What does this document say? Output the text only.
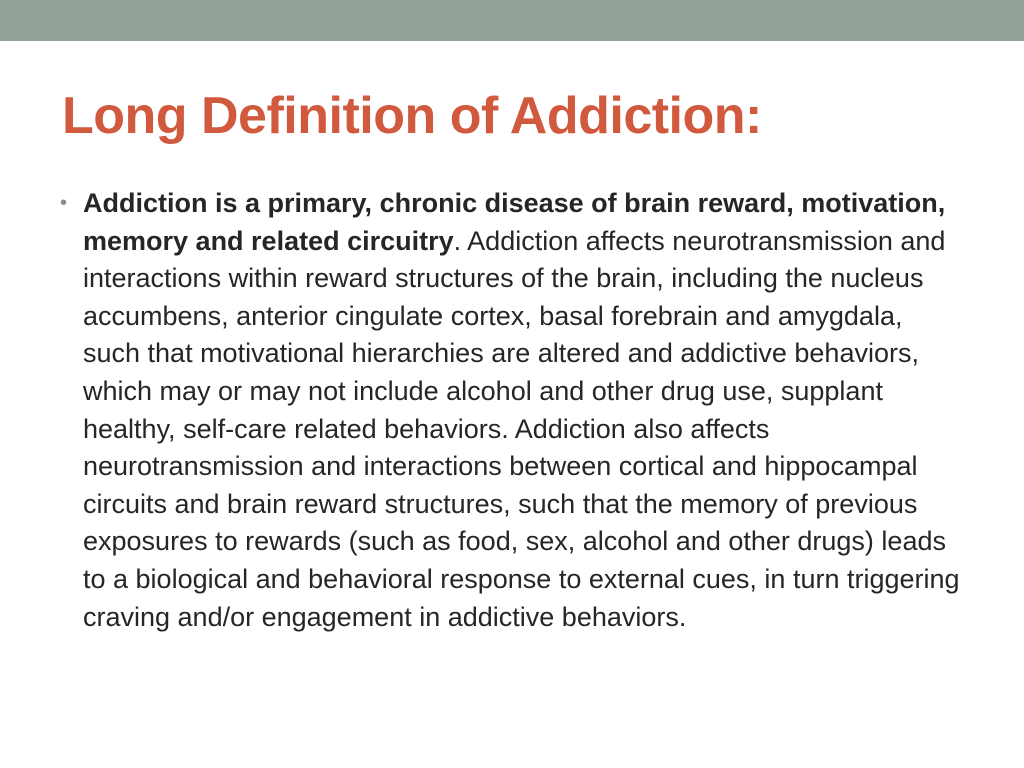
Long Definition of Addiction:
• Addiction is a primary, chronic disease of brain reward, motivation, memory and related circuitry. Addiction affects neurotransmission and interactions within reward structures of the brain, including the nucleus accumbens, anterior cingulate cortex, basal forebrain and amygdala, such that motivational hierarchies are altered and addictive behaviors, which may or may not include alcohol and other drug use, supplant healthy, self-care related behaviors. Addiction also affects neurotransmission and interactions between cortical and hippocampal circuits and brain reward structures, such that the memory of previous exposures to rewards (such as food, sex, alcohol and other drugs) leads to a biological and behavioral response to external cues, in turn triggering craving and/or engagement in addictive behaviors.
